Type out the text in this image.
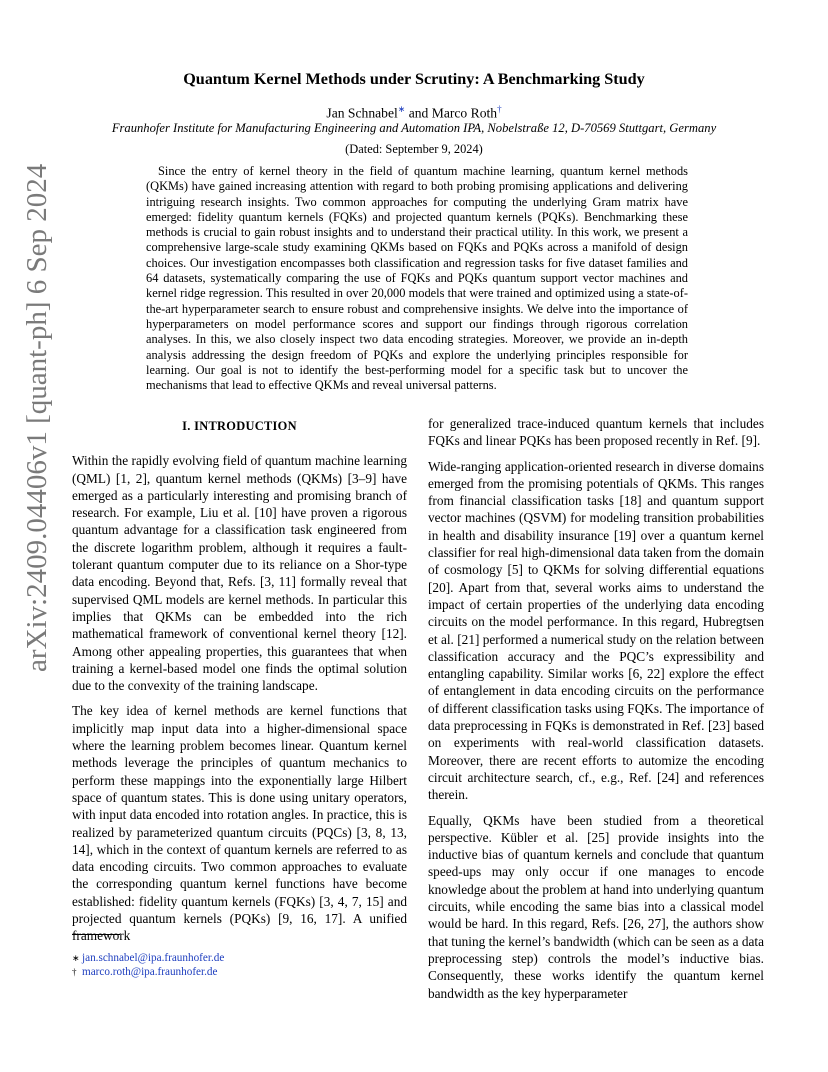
arXiv:2409.04406v1 [quant-ph] 6 Sep 2024
Quantum Kernel Methods under Scrutiny: A Benchmarking Study
Jan Schnabel∗ and Marco Roth†
Fraunhofer Institute for Manufacturing Engineering and Automation IPA, Nobelstraße 12, D-70569 Stuttgart, Germany
(Dated: September 9, 2024)

Since the entry of kernel theory in the field of quantum machine learning, quantum kernel methods (QKMs) have gained increasing attention with regard to both probing promising applications and delivering intriguing research insights. Two common approaches for computing the underlying Gram matrix have emerged: fidelity quantum kernels (FQKs) and projected quantum kernels (PQKs). Benchmarking these methods is crucial to gain robust insights and to understand their practical utility. In this work, we present a comprehensive large-scale study examining QKMs based on FQKs and PQKs across a manifold of design choices. Our investigation encompasses both classification and regression tasks for five dataset families and 64 datasets, systematically comparing the use of FQKs and PQKs quantum support vector machines and kernel ridge regression. This resulted in over 20,000 models that were trained and optimized using a state-of-the-art hyperparameter search to ensure robust and comprehensive insights. We delve into the importance of hyperparameters on model performance scores and support our findings through rigorous correlation analyses. In this, we also closely inspect two data encoding strategies. Moreover, we provide an in-depth analysis addressing the design freedom of PQKs and explore the underlying principles responsible for learning. Our goal is not to identify the best-performing model for a specific task but to uncover the mechanisms that lead to effective QKMs and reveal universal patterns.

I. INTRODUCTION

Within the rapidly evolving field of quantum machine learning (QML) [1, 2], quantum kernel methods (QKMs) [3–9] have emerged as a particularly interesting and promising branch of research. For example, Liu et al. [10] have proven a rigorous quantum advantage for a classification task engineered from the discrete logarithm problem, although it requires a fault-tolerant quantum computer due to its reliance on a Shor-type data encoding. Beyond that, Refs. [3, 11] formally reveal that supervised QML models are kernel methods. In particular this implies that QKMs can be embedded into the rich mathematical framework of conventional kernel theory [12]. Among other appealing properties, this guarantees that when training a kernel-based model one finds the optimal solution due to the convexity of the training landscape.

The key idea of kernel methods are kernel functions that implicitly map input data into a higher-dimensional space where the learning problem becomes linear. Quantum kernel methods leverage the principles of quantum mechanics to perform these mappings into the exponentially large Hilbert space of quantum states. This is done using unitary operators, with input data encoded into rotation angles. In practice, this is realized by parameterized quantum circuits (PQCs) [3, 8, 13, 14], which in the context of quantum kernels are referred to as data encoding circuits. Two common approaches to evaluate the corresponding quantum kernel functions have become established: fidelity quantum kernels (FQKs) [3, 4, 7, 15] and projected quantum kernels (PQKs) [9, 16, 17]. A unified framework

for generalized trace-induced quantum kernels that includes FQKs and linear PQKs has been proposed recently in Ref. [9].

Wide-ranging application-oriented research in diverse domains emerged from the promising potentials of QKMs. This ranges from financial classification tasks [18] and quantum support vector machines (QSVM) for modeling transition probabilities in health and disability insurance [19] over a quantum kernel classifier for real high-dimensional data taken from the domain of cosmology [5] to QKMs for solving differential equations [20]. Apart from that, several works aims to understand the impact of certain properties of the underlying data encoding circuits on the model performance. In this regard, Hubregtsen et al. [21] performed a numerical study on the relation between classification accuracy and the PQC’s expressibility and entangling capability. Similar works [6, 22] explore the effect of entanglement in data encoding circuits on the performance of different classification tasks using FQKs. The importance of data preprocessing in FQKs is demonstrated in Ref. [23] based on experiments with real-world classification datasets. Moreover, there are recent efforts to automize the encoding circuit architecture search, cf., e.g., Ref. [24] and references therein.

Equally, QKMs have been studied from a theoretical perspective. Kübler et al. [25] provide insights into the inductive bias of quantum kernels and conclude that quantum speed-ups may only occur if one manages to encode knowledge about the problem at hand into underlying quantum circuits, while encoding the same bias into a classical model would be hard. In this regard, Refs. [26, 27], the authors show that tuning the kernel’s bandwidth (which can be seen as a data preprocessing step) controls the model’s inductive bias. Consequently, these works identify the quantum kernel bandwidth as the key hyperparameter

∗ jan.schnabel@ipa.fraunhofer.de
† marco.roth@ipa.fraunhofer.de
